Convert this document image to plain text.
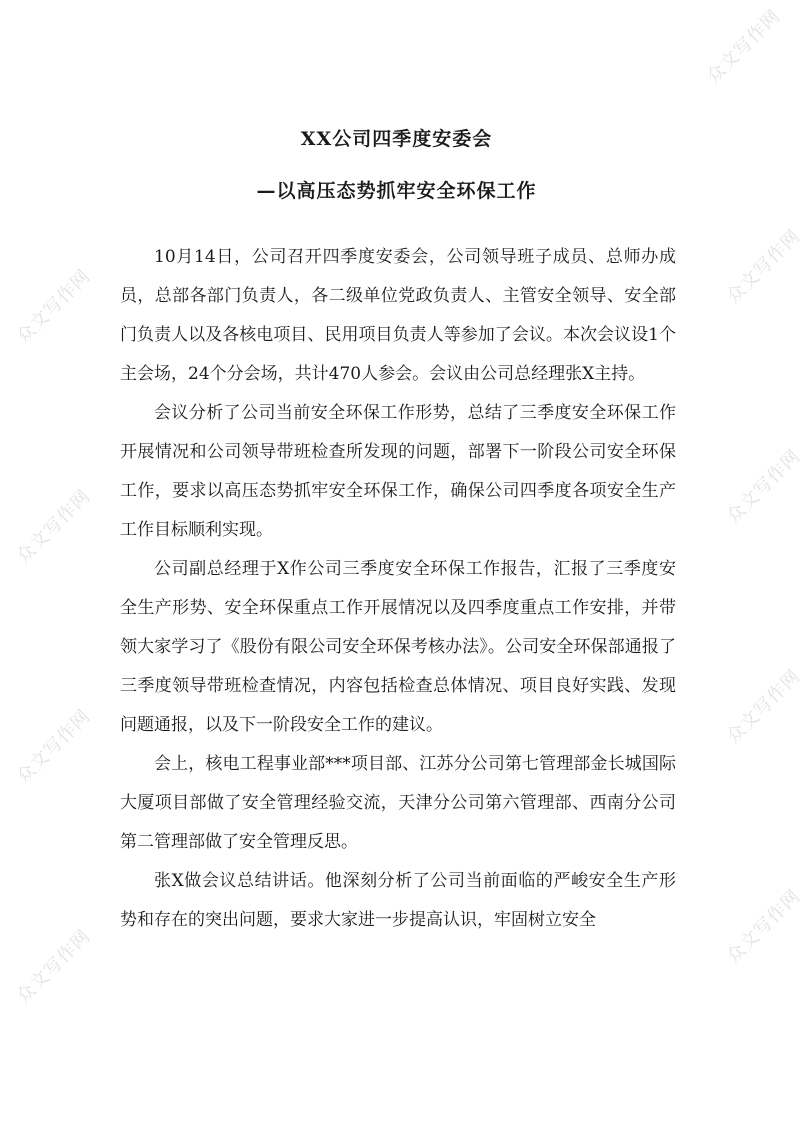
众文写作网
众文写作网
众文写作网
众文写作网
众文写作网
众文写作网
众文写作网
众文写作网
众文写作网
XX公司四季度安委会
—以高压态势抓牢安全环保工作

10月14日，公司召开四季度安委会，公司领导班子成员、总师办成员，总部各部门负责人，各二级单位党政负责人、主管安全领导、安全部门负责人以及各核电项目、民用项目负责人等参加了会议。本次会议设1个主会场，24个分会场，共计470人参会。会议由公司总经理张X主持。

会议分析了公司当前安全环保工作形势，总结了三季度安全环保工作开展情况和公司领导带班检查所发现的问题，部署下一阶段公司安全环保工作，要求以高压态势抓牢安全环保工作，确保公司四季度各项安全生产工作目标顺利实现。

公司副总经理于X作公司三季度安全环保工作报告，汇报了三季度安全生产形势、安全环保重点工作开展情况以及四季度重点工作安排，并带领大家学习了《股份有限公司安全环保考核办法》。公司安全环保部通报了三季度领导带班检查情况，内容包括检查总体情况、项目良好实践、发现问题通报，以及下一阶段安全工作的建议。

会上，核电工程事业部***项目部、江苏分公司第七管理部金长城国际大厦项目部做了安全管理经验交流，天津分公司第六管理部、西南分公司第二管理部做了安全管理反思。

张X做会议总结讲话。他深刻分析了公司当前面临的严峻安全生产形势和存在的突出问题，要求大家进一步提高认识，牢固树立安全
